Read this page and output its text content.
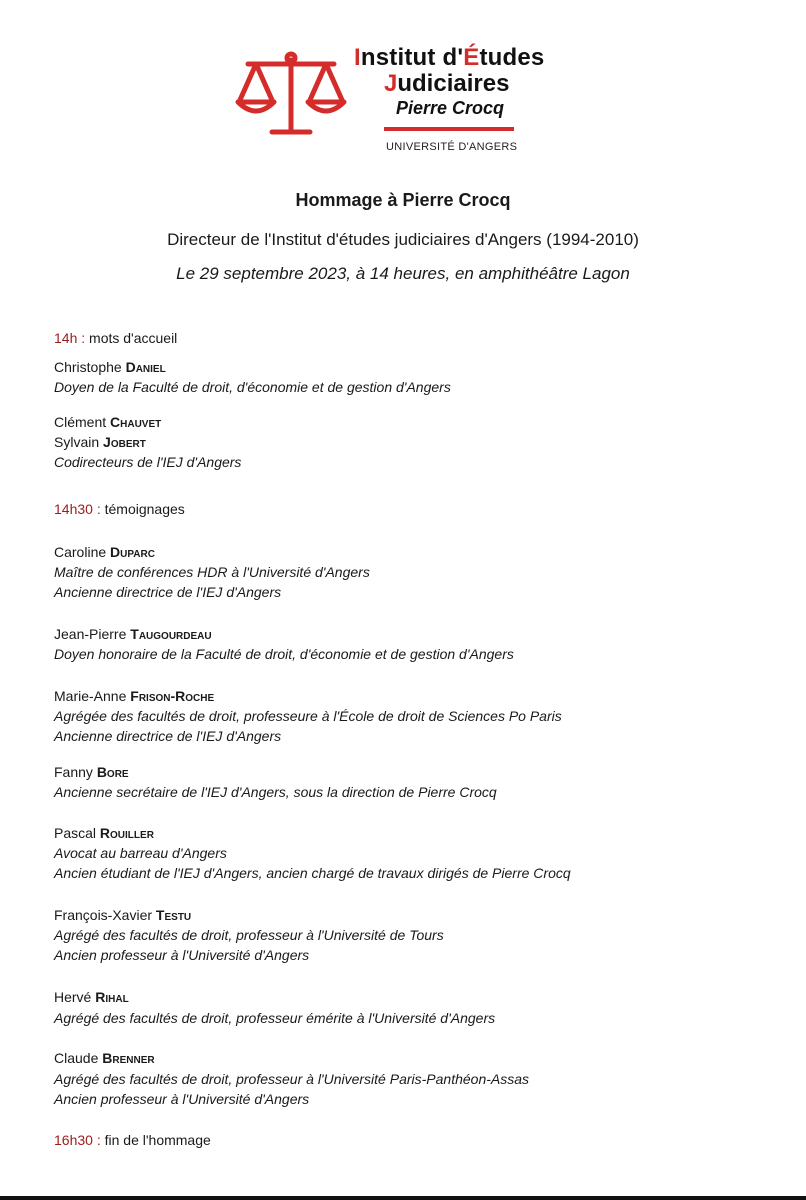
Institut d'Études
Judiciaires
Pierre Crocq
UNIVERSITÉ D'ANGERS
Hommage à Pierre Crocq
Directeur de l'Institut d'études judiciaires d'Angers (1994-2010)
Le 29 septembre 2023, à 14 heures, en amphithéâtre Lagon
14h : mots d'accueil
Christophe Daniel
Doyen de la Faculté de droit, d'économie et de gestion d'Angers
Clément Chauvet
Sylvain Jobert
Codirecteurs de l'IEJ d'Angers
14h30 : témoignages
Caroline Duparc
Maître de conférences HDR à l'Université d'Angers
Ancienne directrice de l'IEJ d'Angers
Jean-Pierre Taugourdeau
Doyen honoraire de la Faculté de droit, d'économie et de gestion d'Angers
Marie-Anne Frison-Roche
Agrégée des facultés de droit, professeure à l'École de droit de Sciences Po Paris
Ancienne directrice de l'IEJ d'Angers
Fanny Bore
Ancienne secrétaire de l'IEJ d'Angers, sous la direction de Pierre Crocq
Pascal Rouiller
Avocat au barreau d'Angers
Ancien étudiant de l'IEJ d'Angers, ancien chargé de travaux dirigés de Pierre Crocq
François-Xavier Testu
Agrégé des facultés de droit, professeur à l'Université de Tours
Ancien professeur à l'Université d'Angers
Hervé Rihal
Agrégé des facultés de droit, professeur émérite à l'Université d'Angers
Claude Brenner
Agrégé des facultés de droit, professeur à l'Université Paris-Panthéon-Assas
Ancien professeur à l'Université d'Angers
16h30 : fin de l'hommage
